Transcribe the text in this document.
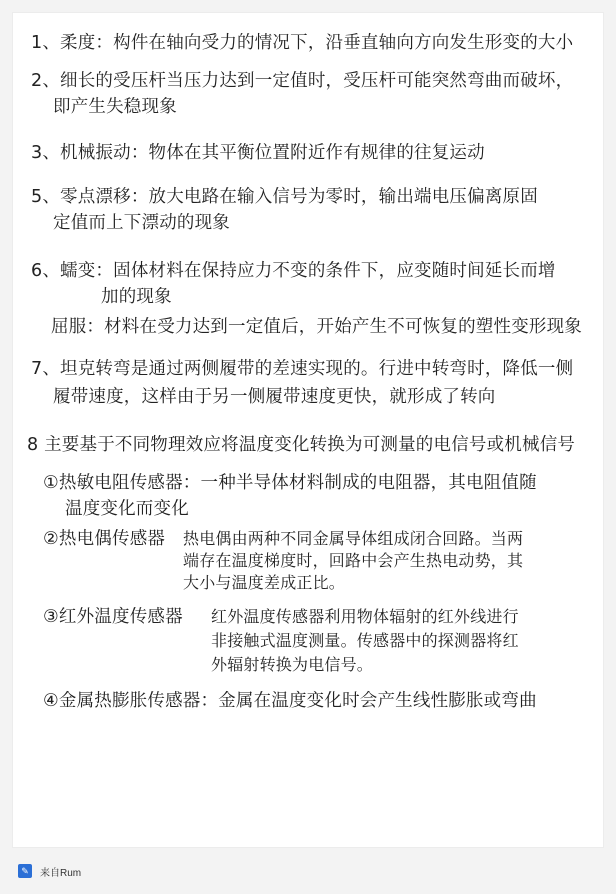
1、柔度：构件在轴向受力的情况下，沿垂直轴向方向发生形变的大小
2、细长的受压杆当压力达到一定值时，受压杆可能突然弯曲而破坏，
即产生失稳现象
3、机械振动：物体在其平衡位置附近作有规律的往复运动
5、零点漂移：放大电路在输入信号为零时，输出端电压偏离原固
定值而上下漂动的现象
6、蠕变：固体材料在保持应力不变的条件下，应变随时间延长而增
加的现象
屈服：材料在受力达到一定值后，开始产生不可恢复的塑性变形现象
7、坦克转弯是通过两侧履带的差速实现的。行进中转弯时，降低一侧
履带速度，这样由于另一侧履带速度更快，就形成了转向
8 主要基于不同物理效应将温度变化转换为可测量的电信号或机械信号
①热敏电阻传感器：一种半导体材料制成的电阻器，其电阻值随
温度变化而变化
②热电偶传感器 热电偶由两种不同金属导体组成闭合回路。当两
端存在温度梯度时，回路中会产生热电动势，其
大小与温度差成正比。
③红外温度传感器 红外温度传感器利用物体辐射的红外线进行
非接触式温度测量。传感器中的探测器将红
外辐射转换为电信号。
④金属热膨胀传感器：金属在温度变化时会产生线性膨胀或弯曲
✎	来自Rum
